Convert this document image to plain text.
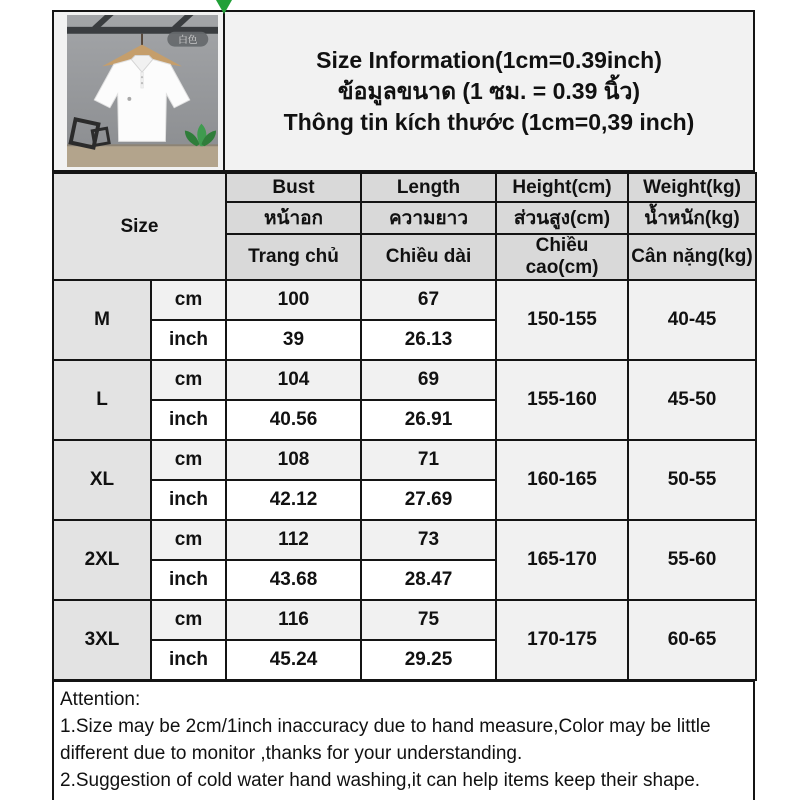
白色
Size Information(1cm=0.39inch)
ข้อมูลขนาด (1 ซม. = 0.39 นิ้ว)
Thông tin kích thước (1cm=0,39 inch)
Size		Bust	Length	Height(cm)	Weight(kg)
		หน้าอก	ความยาว	ส่วนสูง(cm)	น้ำหนัก(kg)
		Trang chủ	Chiều dài	Chiều cao(cm)	Cân nặng(kg)
M	cm	100	67	150-155	40-45
	inch	39	26.13		
L	cm	104	69	155-160	45-50
	inch	40.56	26.91		
XL	cm	108	71	160-165	50-55
	inch	42.12	27.69		
2XL	cm	112	73	165-170	55-60
	inch	43.68	28.47		
3XL	cm	116	75	170-175	60-65
	inch	45.24	29.25		
Attention:
1.Size may be 2cm/1inch inaccuracy due to hand measure,Color may be little different due to monitor ,thanks for your understanding.
2.Suggestion of cold water hand washing,it can help items keep their shape.
